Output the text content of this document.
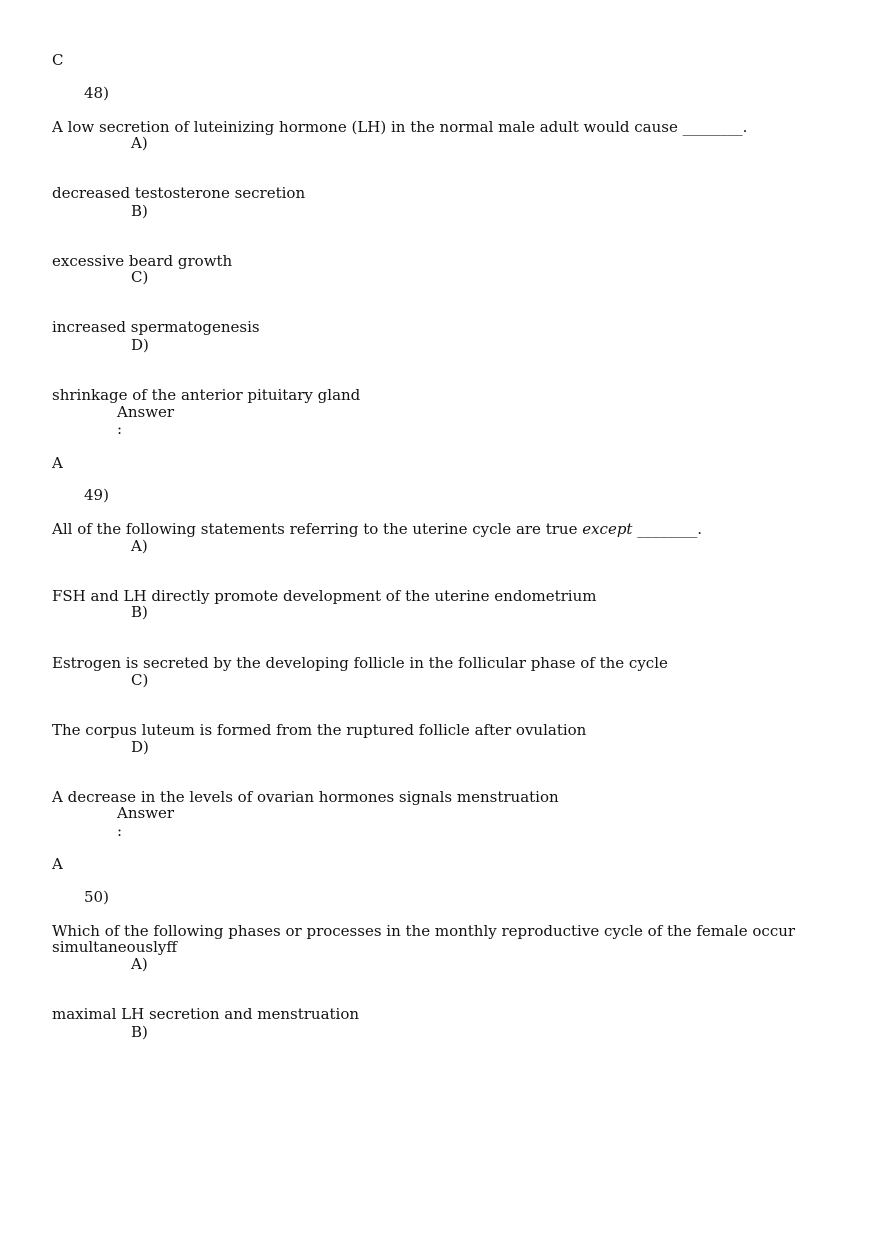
C
48)
A low secretion of luteinizing hormone (LH) in the normal male adult would cause ________.
A)
decreased testosterone secretion
B)
excessive beard growth
C)
increased spermatogenesis
D)
shrinkage of the anterior pituitary gland
Answer
:
A
49)
All of the following statements referring to the uterine cycle are true except ________.
A)
FSH and LH directly promote development of the uterine endometrium
B)
Estrogen is secreted by the developing follicle in the follicular phase of the cycle
C)
The corpus luteum is formed from the ruptured follicle after ovulation
D)
A decrease in the levels of ovarian hormones signals menstruation
Answer
:
A
50)
Which of the following phases or processes in the monthly reproductive cycle of the female occur
simultaneouslyff
A)
maximal LH secretion and menstruation
B)
